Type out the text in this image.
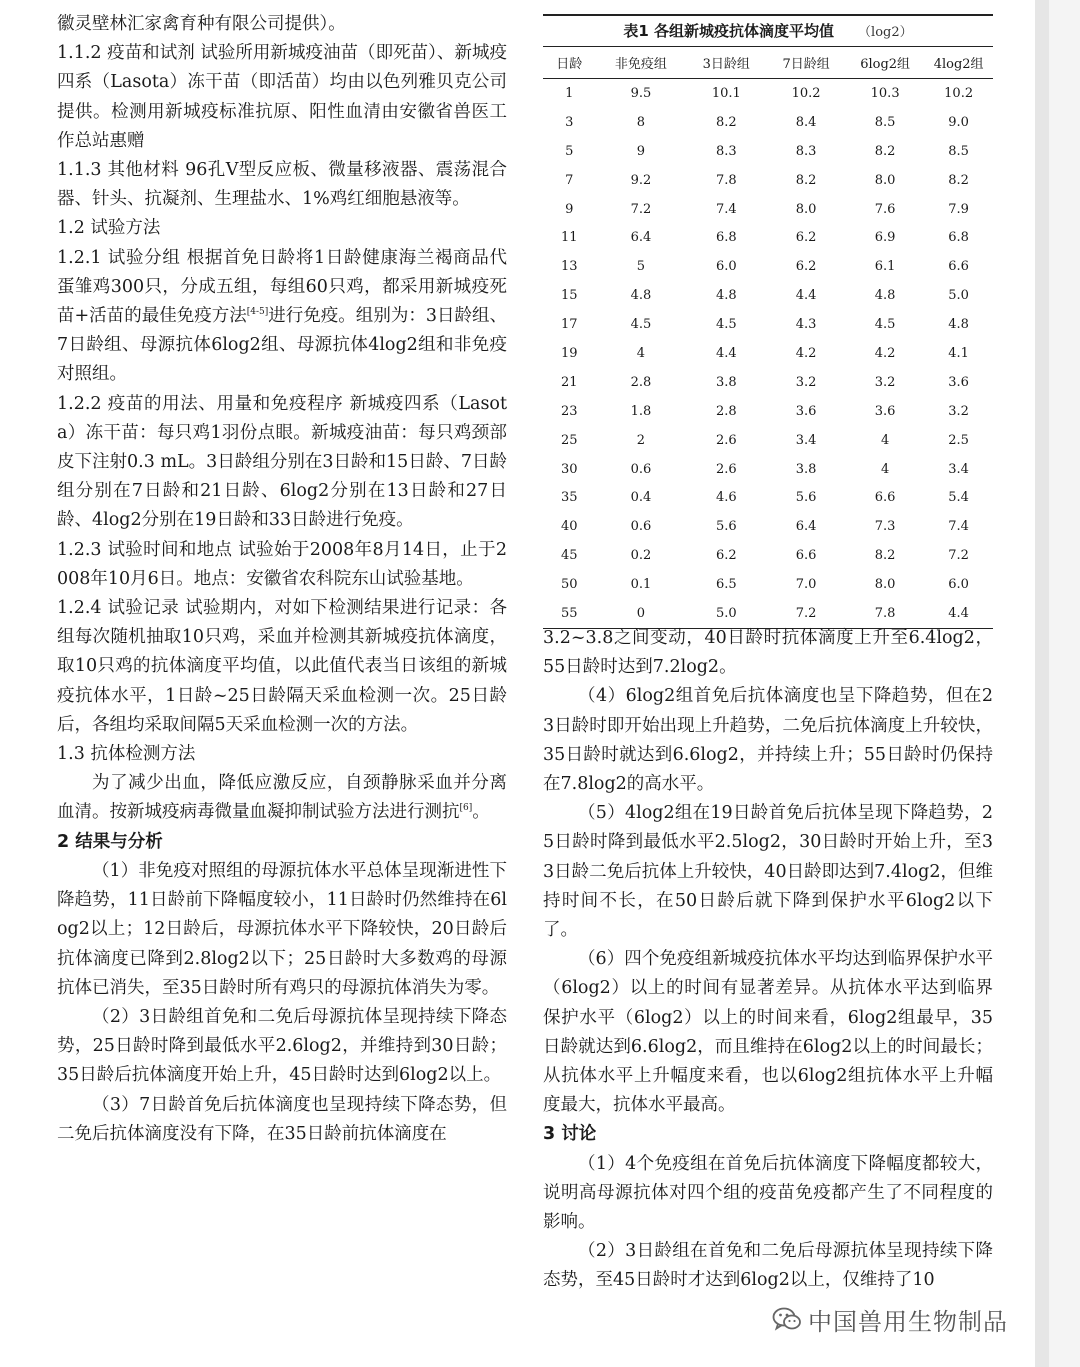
徽灵壁林汇家禽育种有限公司提供）。

1.1.2 疫苗和试剂 试验所用新城疫油苗（即死苗）、新城疫四系（Lasota）冻干苗（即活苗）均由以色列雅贝克公司提供。检测用新城疫标准抗原、阳性血清由安徽省兽医工作总站惠赠

1.1.3 其他材料 96孔V型反应板、微量移液器、震荡混合器、针头、抗凝剂、生理盐水、1%鸡红细胞悬液等。

1.2 试验方法

1.2.1 试验分组 根据首免日龄将1日龄健康海兰褐商品代蛋雏鸡300只，分成五组，每组60只鸡，都采用新城疫死苗+活苗的最佳免疫方法[4-5]进行免疫。组别为：3日龄组、7日龄组、母源抗体6log2组、母源抗体4log2组和非免疫对照组。

1.2.2 疫苗的用法、用量和免疫程序 新城疫四系（Lasota）冻干苗：每只鸡1羽份点眼。新城疫油苗：每只鸡颈部皮下注射0.3 mL。3日龄组分别在3日龄和15日龄、7日龄组分别在7日龄和21日龄、6log2分别在13日龄和27日龄、4log2分别在19日龄和33日龄进行免疫。

1.2.3 试验时间和地点 试验始于2008年8月14日，止于2008年10月6日。地点：安徽省农科院东山试验基地。

1.2.4 试验记录 试验期内，对如下检测结果进行记录：各组每次随机抽取10只鸡，采血并检测其新城疫抗体滴度，取10只鸡的抗体滴度平均值，以此值代表当日该组的新城疫抗体水平，1日龄~25日龄隔天采血检测一次。25日龄后，各组均采取间隔5天采血检测一次的方法。

1.3 抗体检测方法

为了减少出血，降低应激反应，自颈静脉采血并分离血清。按新城疫病毒微量血凝抑制试验方法进行测抗[6]。

2 结果与分析

（1）非免疫对照组的母源抗体水平总体呈现渐进性下降趋势，11日龄前下降幅度较小，11日龄时仍然维持在6log2以上；12日龄后，母源抗体水平下降较快，20日龄后抗体滴度已降到2.8log2以下；25日龄时大多数鸡的母源抗体已消失，至35日龄时所有鸡只的母源抗体消失为零。

（2）3日龄组首免和二免后母源抗体呈现持续下降态势，25日龄时降到最低水平2.6log2，并维持到30日龄；35日龄后抗体滴度开始上升，45日龄时达到6log2以上。

（3）7日龄首免后抗体滴度也呈现持续下降态势，但二免后抗体滴度没有下降，在35日龄前抗体滴度在

表1 各组新城疫抗体滴度平均值 （log2）
日龄	非免疫组	3日龄组	7日龄组	6log2组	4log2组
1	9.5	10.1	10.2	10.3	10.2
3	8	8.2	8.4	8.5	9.0
5	9	8.3	8.3	8.2	8.5
7	9.2	7.8	8.2	8.0	8.2
9	7.2	7.4	8.0	7.6	7.9
11	6.4	6.8	6.2	6.9	6.8
13	5	6.0	6.2	6.1	6.6
15	4.8	4.8	4.4	4.8	5.0
17	4.5	4.5	4.3	4.5	4.8
19	4	4.4	4.2	4.2	4.1
21	2.8	3.8	3.2	3.2	3.6
23	1.8	2.8	3.6	3.6	3.2
25	2	2.6	3.4	4	2.5
30	0.6	2.6	3.8	4	3.4
35	0.4	4.6	5.6	6.6	5.4
40	0.6	5.6	6.4	7.3	7.4
45	0.2	6.2	6.6	8.2	7.2
50	0.1	6.5	7.0	8.0	6.0
55	0	5.0	7.2	7.8	4.4

3.2~3.8之间变动，40日龄时抗体滴度上升至6.4log2，55日龄时达到7.2log2。

（4）6log2组首免后抗体滴度也呈下降趋势，但在23日龄时即开始出现上升趋势，二免后抗体滴度上升较快，35日龄时就达到6.6log2，并持续上升；55日龄时仍保持在7.8log2的高水平。

（5）4log2组在19日龄首免后抗体呈现下降趋势，25日龄时降到最低水平2.5log2，30日龄时开始上升，至33日龄二免后抗体上升较快，40日龄即达到7.4log2，但维持时间不长，在50日龄后就下降到保护水平6log2以下了。

（6）四个免疫组新城疫抗体水平均达到临界保护水平（6log2）以上的时间有显著差异。从抗体水平达到临界保护水平（6log2）以上的时间来看，6log2组最早，35日龄就达到6.6log2，而且维持在6log2以上的时间最长；从抗体水平上升幅度来看，也以6log2组抗体水平上升幅度最大，抗体水平最高。

3 讨论

（1）4个免疫组在首免后抗体滴度下降幅度都较大，说明高母源抗体对四个组的疫苗免疫都产生了不同程度的影响。

（2）3日龄组在首免和二免后母源抗体呈现持续下降态势，至45日龄时才达到6log2以上，仅维持了10

中国兽用生物制品
